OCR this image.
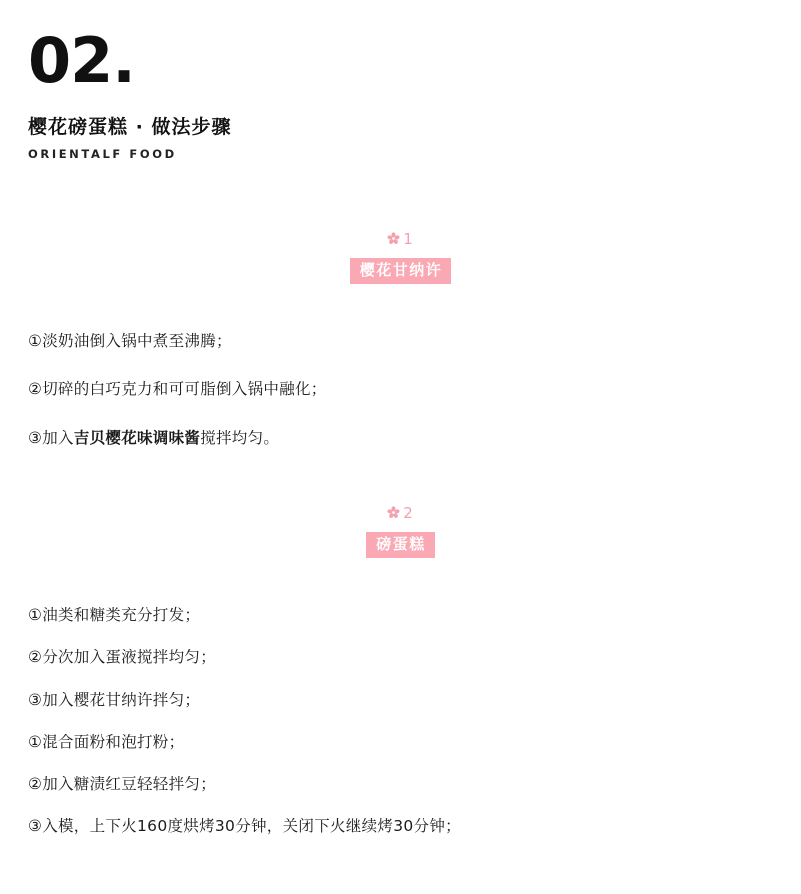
02.
樱花磅蛋糕 · 做法步骤
ORIENTALF FOOD
1
樱花甘纳许
①淡奶油倒入锅中煮至沸腾；
②切碎的白巧克力和可可脂倒入锅中融化；
③加入吉贝樱花味调味酱搅拌均匀。
2
磅蛋糕
①油类和糖类充分打发；
②分次加入蛋液搅拌均匀；
③加入樱花甘纳许拌匀；
①混合面粉和泡打粉；
②加入糖渍红豆轻轻拌匀；
③入模，上下火160度烘烤30分钟，关闭下火继续烤30分钟；
